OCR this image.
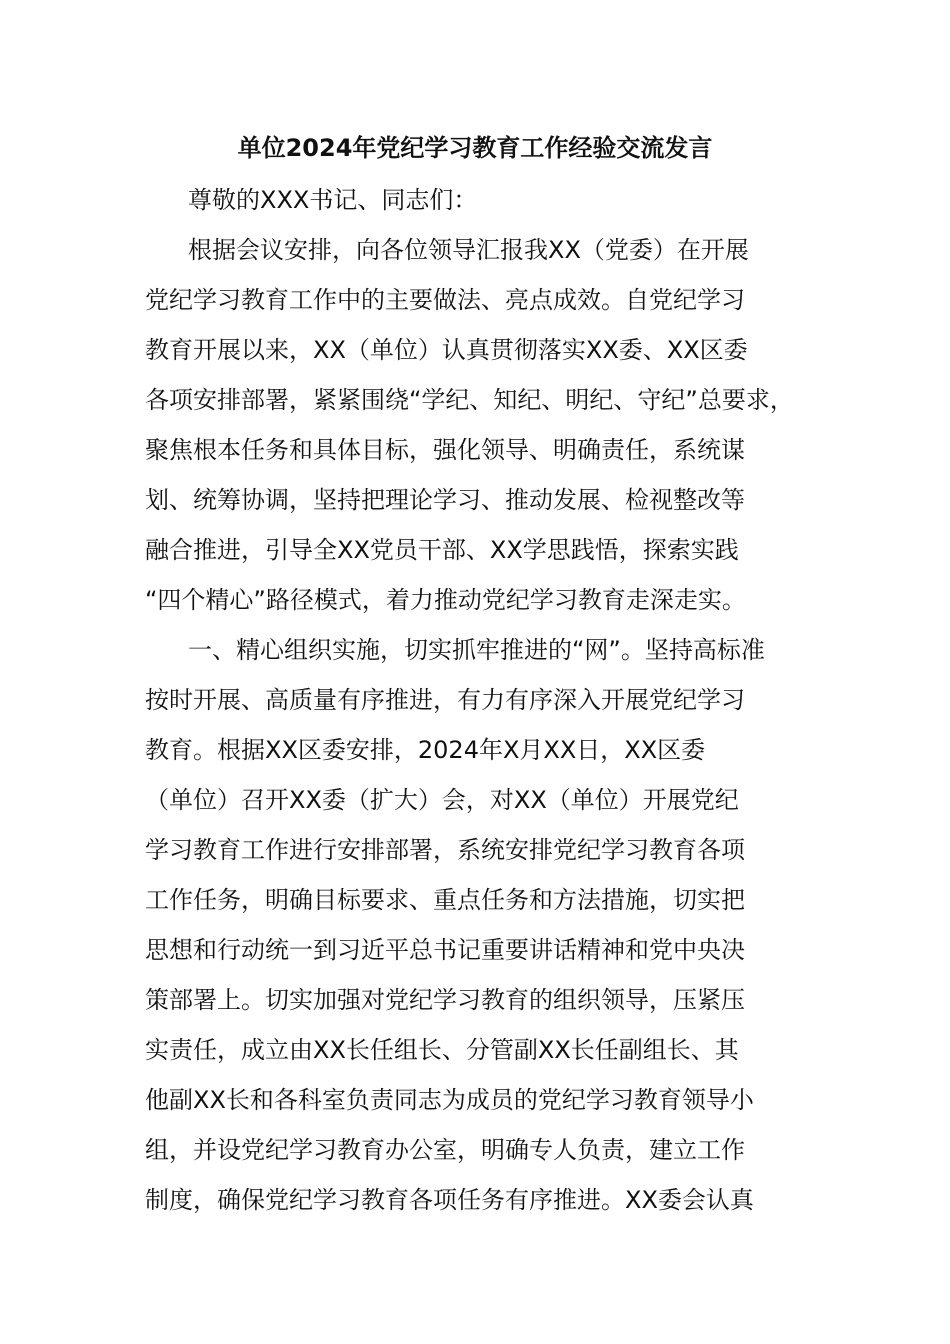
单位2024年党纪学习教育工作经验交流发言
尊敬的XXX书记、同志们：
根据会议安排，向各位领导汇报我XX（党委）在开展
党纪学习教育工作中的主要做法、亮点成效。自党纪学习
教育开展以来，XX（单位）认真贯彻落实XX委、XX区委
各项安排部署，紧紧围绕“学纪、知纪、明纪、守纪”总要求，
聚焦根本任务和具体目标，强化领导、明确责任，系统谋
划、统筹协调，坚持把理论学习、推动发展、检视整改等
融合推进，引导全XX党员干部、XX学思践悟，探索实践
“四个精心”路径模式，着力推动党纪学习教育走深走实。
一、精心组织实施，切实抓牢推进的“网”。坚持高标准
按时开展、高质量有序推进，有力有序深入开展党纪学习
教育。根据XX区委安排，2024年X月XX日，XX区委
（单位）召开XX委（扩大）会，对XX（单位）开展党纪
学习教育工作进行安排部署，系统安排党纪学习教育各项
工作任务，明确目标要求、重点任务和方法措施，切实把
思想和行动统一到习近平总书记重要讲话精神和党中央决
策部署上。切实加强对党纪学习教育的组织领导，压紧压
实责任，成立由XX长任组长、分管副XX长任副组长、其
他副XX长和各科室负责同志为成员的党纪学习教育领导小
组，并设党纪学习教育办公室，明确专人负责，建立工作
制度，确保党纪学习教育各项任务有序推进。XX委会认真
